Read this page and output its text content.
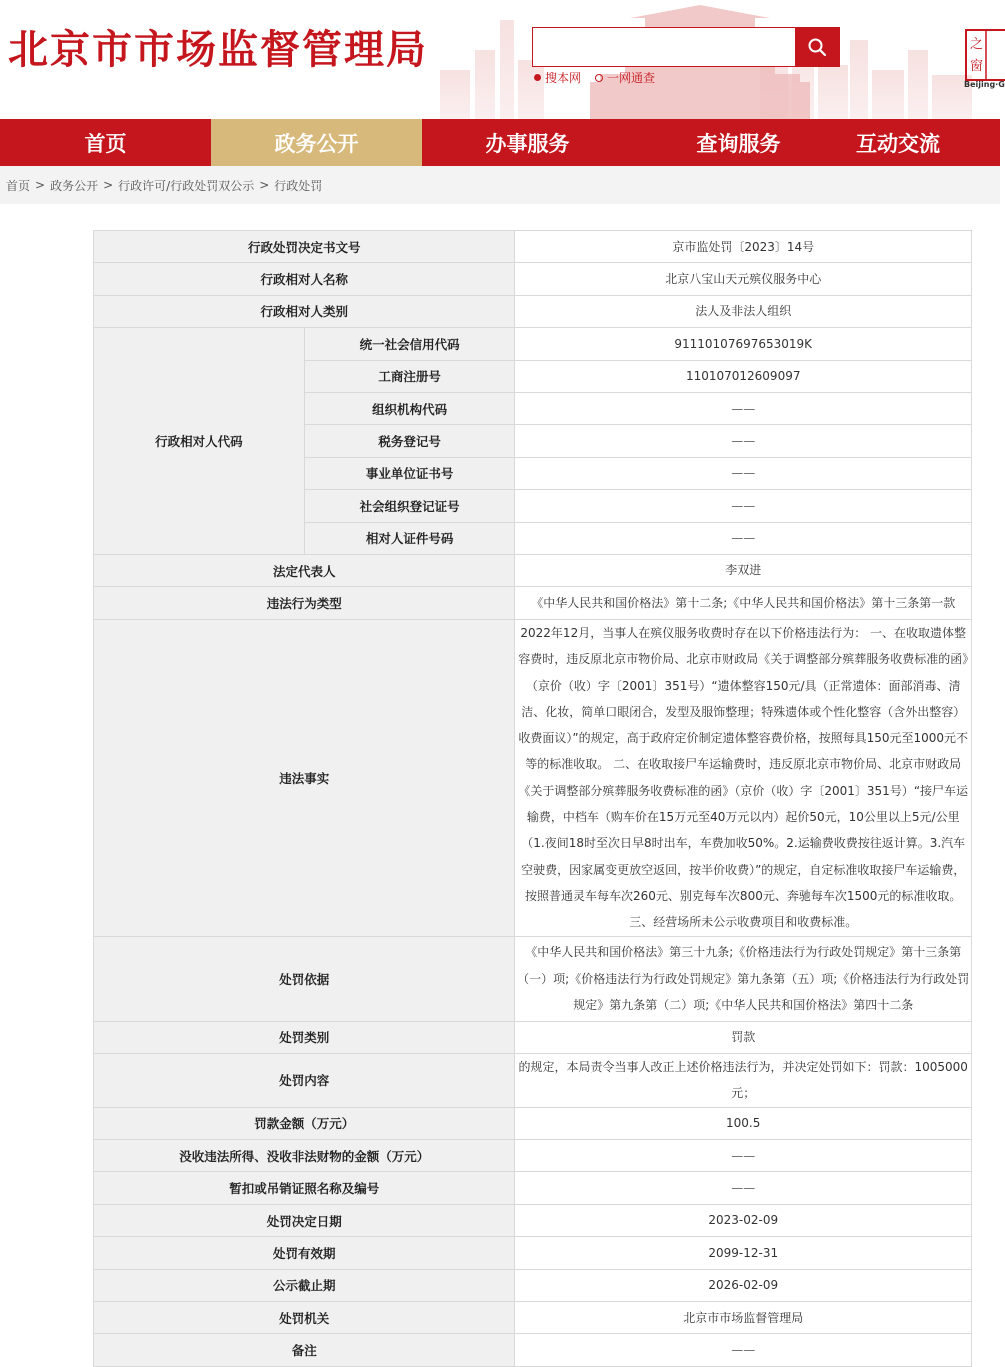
北京市市场监督管理局
搜本网 一网通查
之
窗
Beijing·G
首页	政务公开	办事服务	查询服务	互动交流
首页 > 政务公开 > 行政许可/行政处罚双公示 > 行政处罚
行政处罚决定书文号		京市监处罚〔2023〕14号
行政相对人名称		北京八宝山天元殡仪服务中心
行政相对人类别		法人及非法人组织
行政相对人代码	统一社会信用代码	91110107697653019K
	工商注册号	110107012609097
	组织机构代码	——
	税务登记号	——
	事业单位证书号	——
	社会组织登记证号	——
	相对人证件号码	——
法定代表人		李双进
违法行为类型		《中华人民共和国价格法》第十二条;《中华人民共和国价格法》第十三条第一款
违法事实		2022年12月，当事人在殡仪服务收费时存在以下价格违法行为： 一、在收取遗体整容费时，违反原北京市物价局、北京市财政局《关于调整部分殡葬服务收费标准的函》（京价（收）字〔2001〕351号）“遗体整容150元/具（正常遗体：面部消毒、清洁、化妆，简单口眼闭合，发型及服饰整理；特殊遗体或个性化整容（含外出整容）收费面议）”的规定，高于政府定价制定遗体整容费价格，按照每具150元至1000元不等的标准收取。 二、在收取接尸车运输费时，违反原北京市物价局、北京市财政局《关于调整部分殡葬服务收费标准的函》（京价（收）字〔2001〕351号）“接尸车运输费，中档车（购车价在15万元至40万元以内）起价50元，10公里以上5元/公里（1.夜间18时至次日早8时出车，车费加收50%。2.运输费收费按往返计算。3.汽车空驶费，因家属变更放空返回，按半价收费）”的规定，自定标准收取接尸车运输费，按照普通灵车每车次260元、别克每车次800元、奔驰每车次1500元的标准收取。 三、经营场所未公示收费项目和收费标准。
处罚依据		《中华人民共和国价格法》第三十九条;《价格违法行为行政处罚规定》第十三条第（一）项;《价格违法行为行政处罚规定》第九条第（五）项;《价格违法行为行政处罚规定》第九条第（二）项;《中华人民共和国价格法》第四十二条
处罚类别		罚款
处罚内容		的规定，本局责令当事人改正上述价格违法行为，并决定处罚如下：罚款：1005000元；
罚款金额（万元）		100.5
没收违法所得、没收非法财物的金额（万元）		——
暂扣或吊销证照名称及编号		——
处罚决定日期		2023-02-09
处罚有效期		2099-12-31
公示截止期		2026-02-09
处罚机关		北京市市场监督管理局
备注		——
